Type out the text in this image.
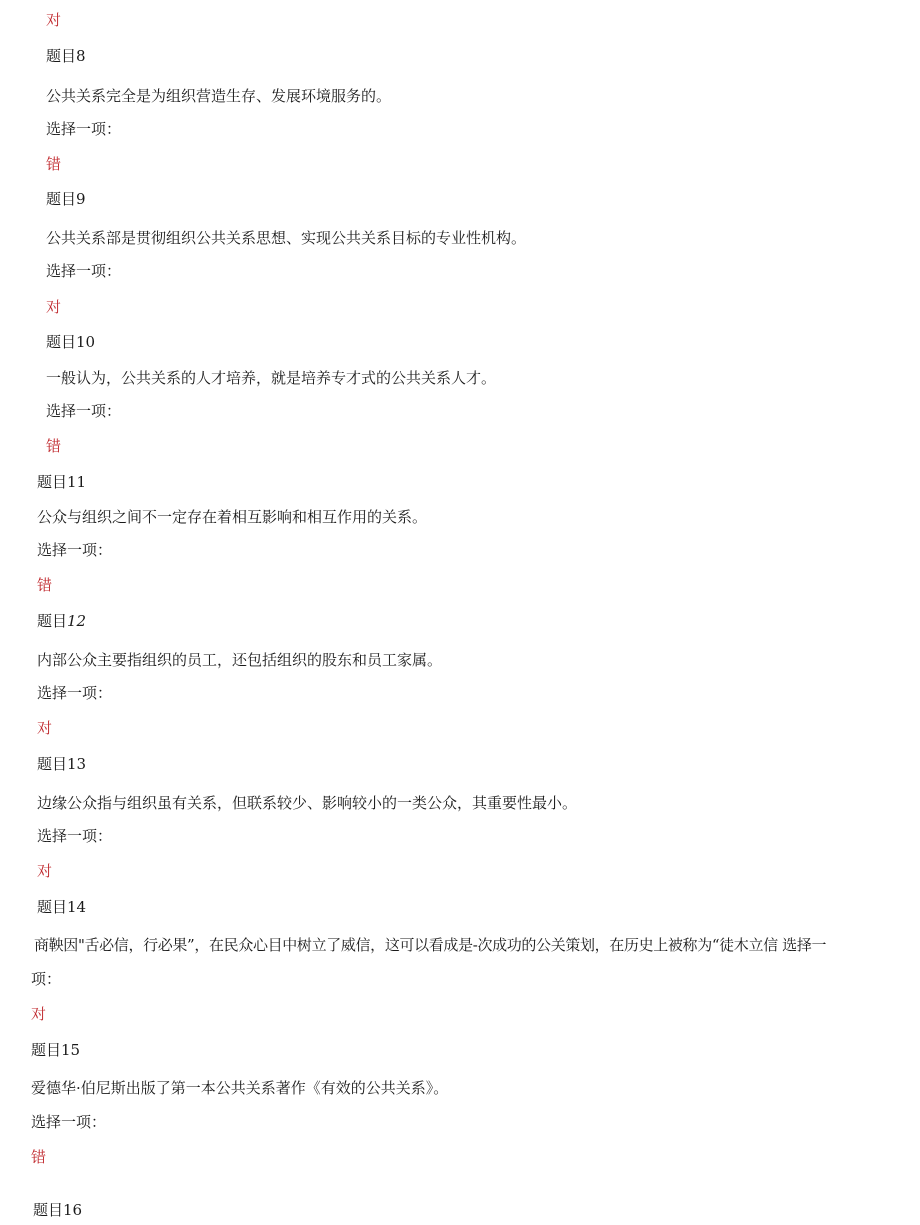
对
题目8
公共关系完全是为组织营造生存、发展环境服务的。
选择一项：
错
题目9
公共关系部是贯彻组织公共关系思想、实现公共关系目标的专业性机构。
选择一项：
对
题目10
一般认为，公共关系的人才培养，就是培养专才式的公共关系人才。
选择一项：
错
题目11
公众与组织之间不一定存在着相互影响和相互作用的关系。
选择一项：
错
题目12
内部公众主要指组织的员工，还包括组织的股东和员工家属。
选择一项：
对
题目13
边缘公众指与组织虽有关系，但联系较少、影响较小的一类公众，其重要性最小。
选择一项：
对
题目14
商鞅因"舌必信，行必果”，在民众心目中树立了威信，这可以看成是-次成功的公关策划，在历史上被称为“徒木立信 选择一
项：
对
题目15
爱德华·伯尼斯出版了第一本公共关系著作《有效的公共关系》。
选择一项：
错
题目16
